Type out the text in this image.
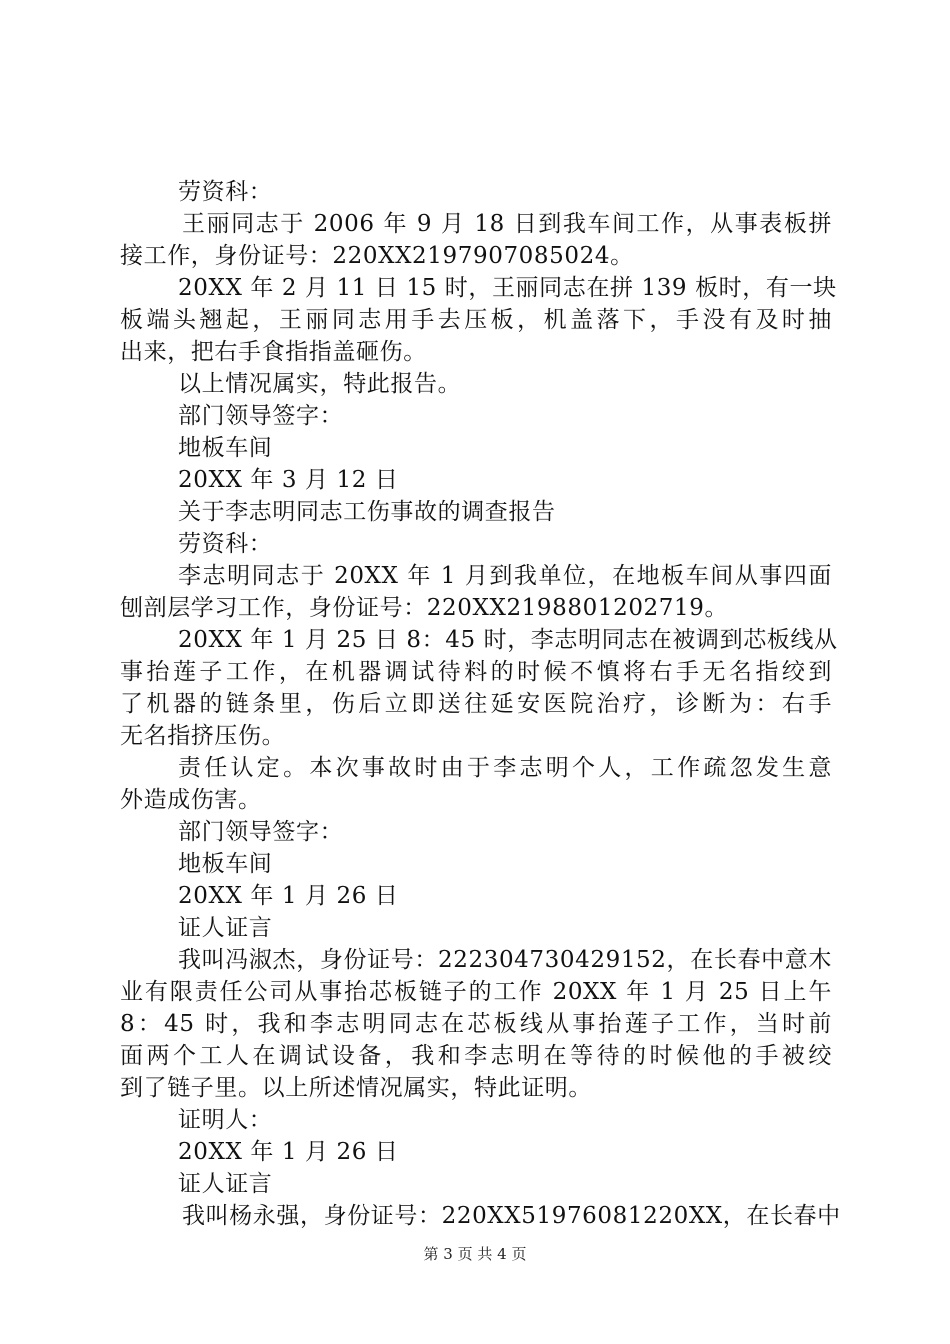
劳资科：
王丽同志于 2006 年 9 月 18 日到我车间工作，从事表板拼
接工作，身份证号：220XX2197907085024。
20XX 年 2 月 11 日 15 时，王丽同志在拼 139 板时，有一块
板端头翘起，王丽同志用手去压板，机盖落下，手没有及时抽
出来，把右手食指指盖砸伤。
以上情况属实，特此报告。
部门领导签字：
地板车间
20XX 年 3 月 12 日
关于李志明同志工伤事故的调查报告
劳资科：
李志明同志于 20XX 年 1 月到我单位，在地板车间从事四面
刨剖层学习工作，身份证号：220XX2198801202719。
20XX 年 1 月 25 日 8：45 时，李志明同志在被调到芯板线从
事抬莲子工作，在机器调试待料的时候不慎将右手无名指绞到
了机器的链条里，伤后立即送往延安医院治疗，诊断为：右手
无名指挤压伤。
责任认定。本次事故时由于李志明个人，工作疏忽发生意
外造成伤害。
部门领导签字：
地板车间
20XX 年 1 月 26 日
证人证言
我叫冯淑杰，身份证号：222304730429152，在长春中意木
业有限责任公司从事抬芯板链子的工作 20XX 年 1 月 25 日上午
8：45 时，我和李志明同志在芯板线从事抬莲子工作，当时前
面两个工人在调试设备，我和李志明在等待的时候他的手被绞
到了链子里。以上所述情况属实，特此证明。
证明人：
20XX 年 1 月 26 日
证人证言
我叫杨永强，身份证号：220XX51976081220XX，在长春中
第 3 页 共 4 页
